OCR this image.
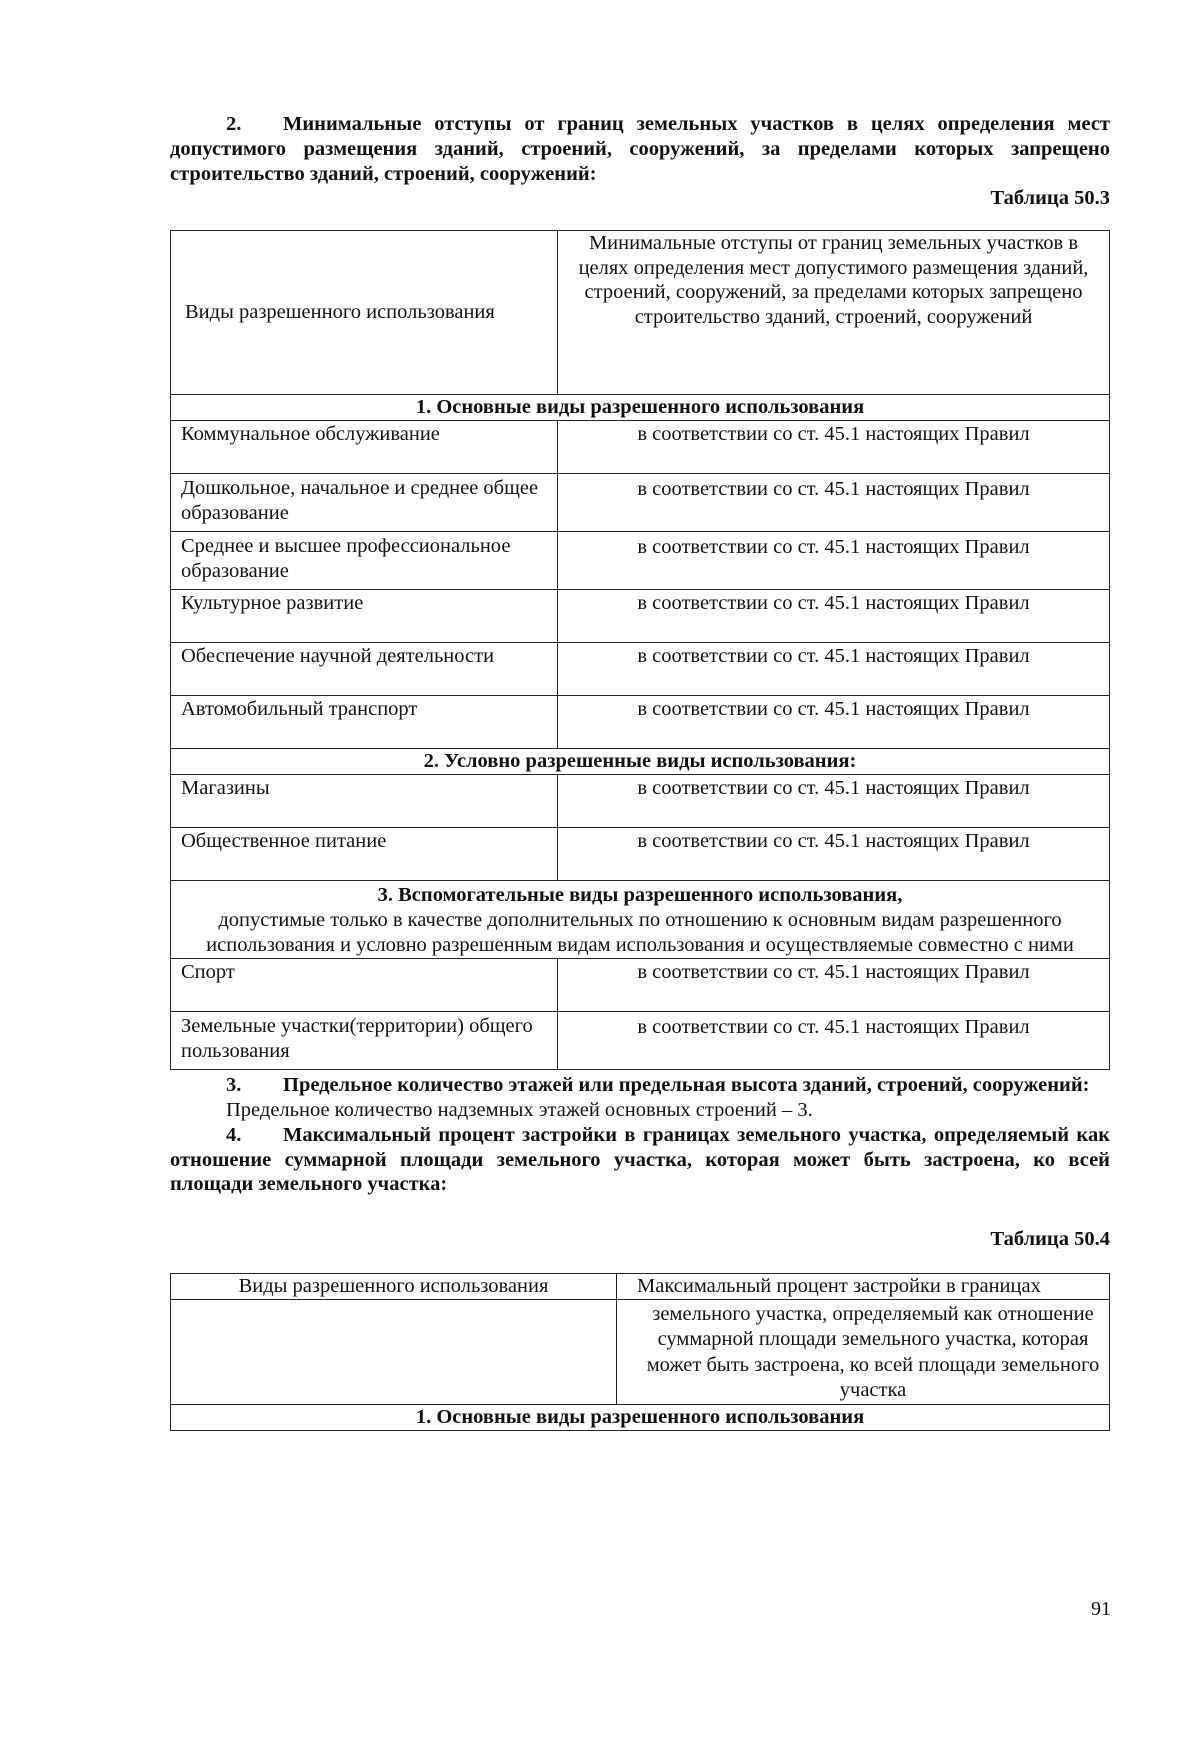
2. Минимальные отступы от границ земельных участков в целях определения мест допустимого размещения зданий, строений, сооружений, за пределами которых запрещено строительство зданий, строений, сооружений:
Таблица 50.3
Виды разрешенного использования	Минимальные отступы от границ земельных участков в целях определения мест допустимого размещения зданий, строений, сооружений, за пределами которых запрещено строительство зданий, строений, сооружений
1. Основные виды разрешенного использования	
Коммунальное обслуживание	в соответствии со ст. 45.1 настоящих Правил
Дошкольное, начальное и среднее общее образование	в соответствии со ст. 45.1 настоящих Правил
Среднее и высшее профессиональное образование	в соответствии со ст. 45.1 настоящих Правил
Культурное развитие	в соответствии со ст. 45.1 настоящих Правил
Обеспечение научной деятельности	в соответствии со ст. 45.1 настоящих Правил
Автомобильный транспорт	в соответствии со ст. 45.1 настоящих Правил
2. Условно разрешенные виды использования:	
Магазины	в соответствии со ст. 45.1 настоящих Правил
Общественное питание	в соответствии со ст. 45.1 настоящих Правил
3. Вспомогательные виды разрешенного использования,
допустимые только в качестве дополнительных по отношению к основным видам разрешенного использования и условно разрешенным видам использования и осуществляемые совместно с ними	

Спорт	в соответствии со ст. 45.1 настоящих Правил
Земельные участки(территории) общего пользования	в соответствии со ст. 45.1 настоящих Правил
3. Предельное количество этажей или предельная высота зданий, строений, сооружений:
Предельное количество надземных этажей основных строений – 3.
4. Максимальный процент застройки в границах земельного участка, определяемый как отношение суммарной площади земельного участка, которая может быть застроена, ко всей площади земельного участка:
Таблица 50.4
Виды разрешенного использования	Максимальный процент застройки в границах
	земельного участка, определяемый как отношение суммарной площади земельного участка, которая может быть застроена, ко всей площади земельного участка
1. Основные виды разрешенного использования	
91
